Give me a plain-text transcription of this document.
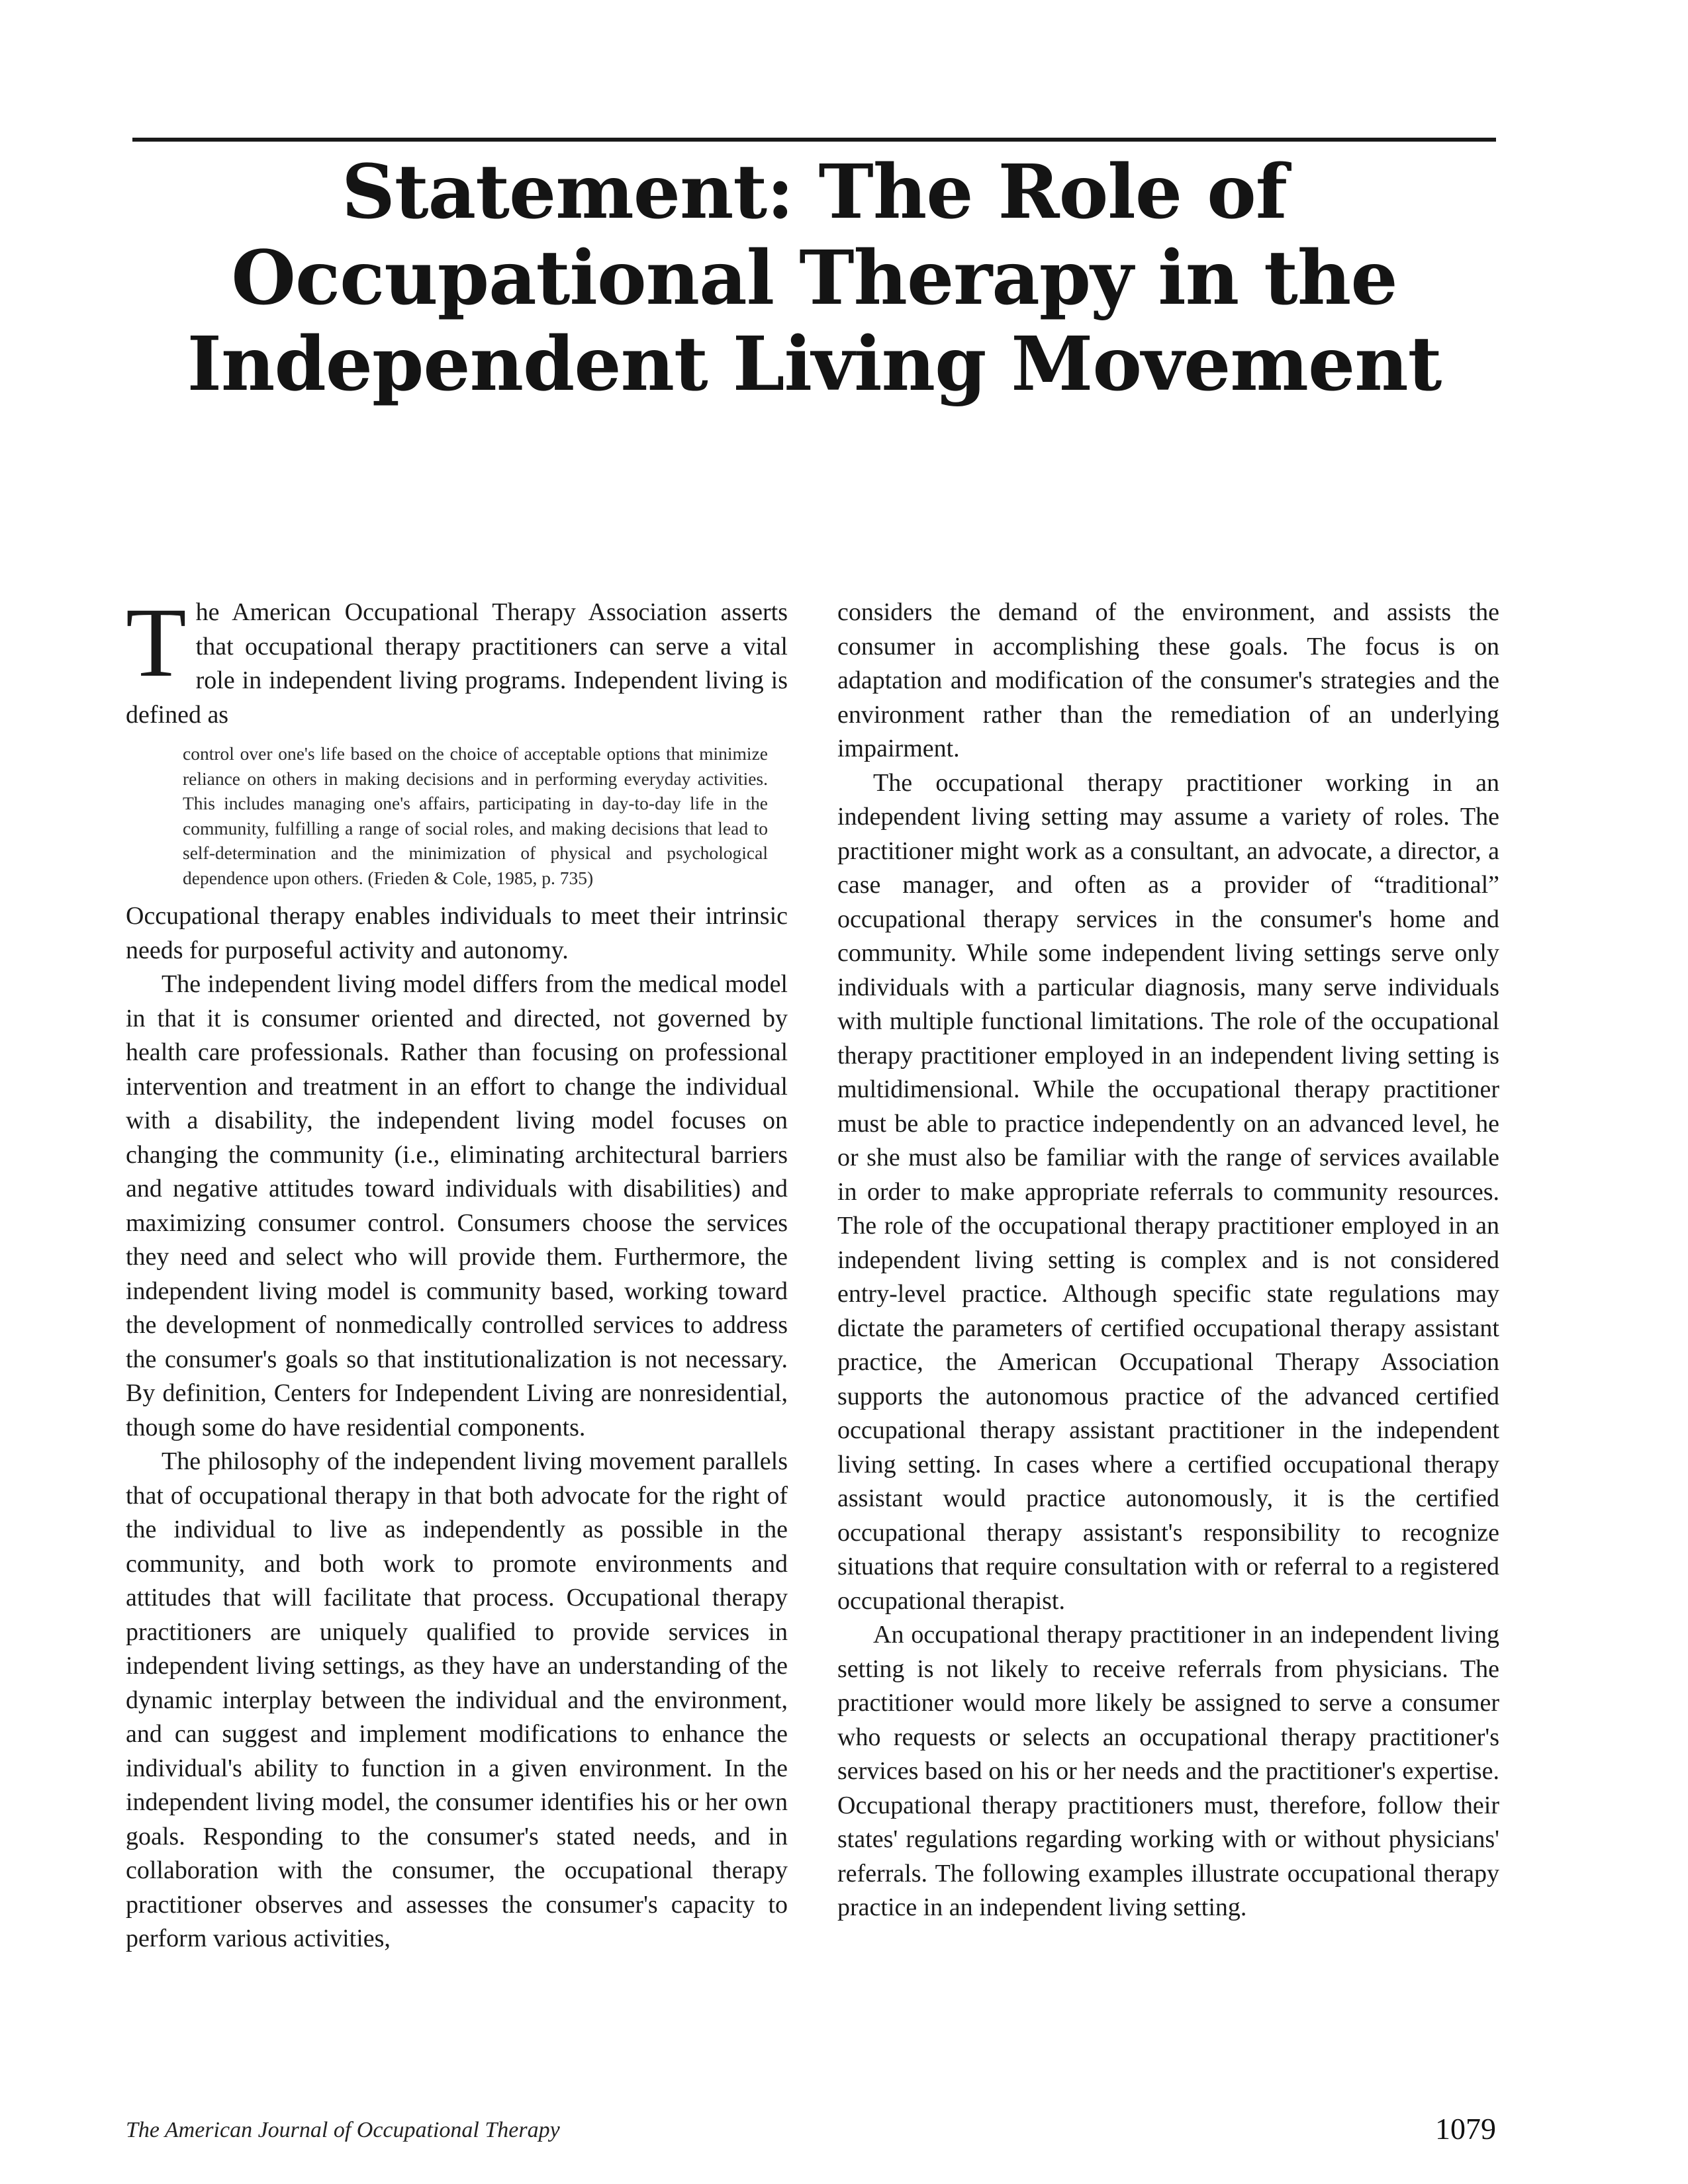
Statement: The Role of Occupational Therapy in the Independent Living Movement

The American Occupational Therapy Association asserts that occupational therapy practitioners can serve a vital role in independent living programs. Independent living is defined as

control over one's life based on the choice of acceptable options that minimize reliance on others in making decisions and in performing everyday activities. This includes managing one's affairs, participating in day-to-day life in the community, fulfilling a range of social roles, and making decisions that lead to self-determination and the minimization of physical and psychological dependence upon others. (Frieden & Cole, 1985, p. 735)

Occupational therapy enables individuals to meet their intrinsic needs for purposeful activity and autonomy.

The independent living model differs from the medical model in that it is consumer oriented and directed, not governed by health care professionals. Rather than focusing on professional intervention and treatment in an effort to change the individual with a disability, the independent living model focuses on changing the community (i.e., eliminating architectural barriers and negative attitudes toward individuals with disabilities) and maximizing consumer control. Consumers choose the services they need and select who will provide them. Furthermore, the independent living model is community based, working toward the development of nonmedically controlled services to address the consumer's goals so that institutionalization is not necessary. By definition, Centers for Independent Living are nonresidential, though some do have residential components.

The philosophy of the independent living movement parallels that of occupational therapy in that both advocate for the right of the individual to live as independently as possible in the community, and both work to promote environments and attitudes that will facilitate that process. Occupational therapy practitioners are uniquely qualified to provide services in independent living settings, as they have an understanding of the dynamic interplay between the individual and the environment, and can suggest and implement modifications to enhance the individual's ability to function in a given environment. In the independent living model, the consumer identifies his or her own goals. Responding to the consumer's stated needs, and in collaboration with the consumer, the occupational therapy practitioner observes and assesses the consumer's capacity to perform various activities,

considers the demand of the environment, and assists the consumer in accomplishing these goals. The focus is on adaptation and modification of the consumer's strategies and the environment rather than the remediation of an underlying impairment.

The occupational therapy practitioner working in an independent living setting may assume a variety of roles. The practitioner might work as a consultant, an advocate, a director, a case manager, and often as a provider of “traditional” occupational therapy services in the consumer's home and community. While some independent living settings serve only individuals with a particular diagnosis, many serve individuals with multiple functional limitations. The role of the occupational therapy practitioner employed in an independent living setting is multidimensional. While the occupational therapy practitioner must be able to practice independently on an advanced level, he or she must also be familiar with the range of services available in order to make appropriate referrals to community resources. The role of the occupational therapy practitioner employed in an independent living setting is complex and is not considered entry-level practice. Although specific state regulations may dictate the parameters of certified occupational therapy assistant practice, the American Occupational Therapy Association supports the autonomous practice of the advanced certified occupational therapy assistant practitioner in the independent living setting. In cases where a certified occupational therapy assistant would practice autonomously, it is the certified occupational therapy assistant's responsibility to recognize situations that require consultation with or referral to a registered occupational therapist.

An occupational therapy practitioner in an independent living setting is not likely to receive referrals from physicians. The practitioner would more likely be assigned to serve a consumer who requests or selects an occupational therapy practitioner's services based on his or her needs and the practitioner's expertise. Occupational therapy practitioners must, therefore, follow their states' regulations regarding working with or without physicians' referrals. The following examples illustrate occupational therapy practice in an independent living setting.

The American Journal of Occupational Therapy	1079
